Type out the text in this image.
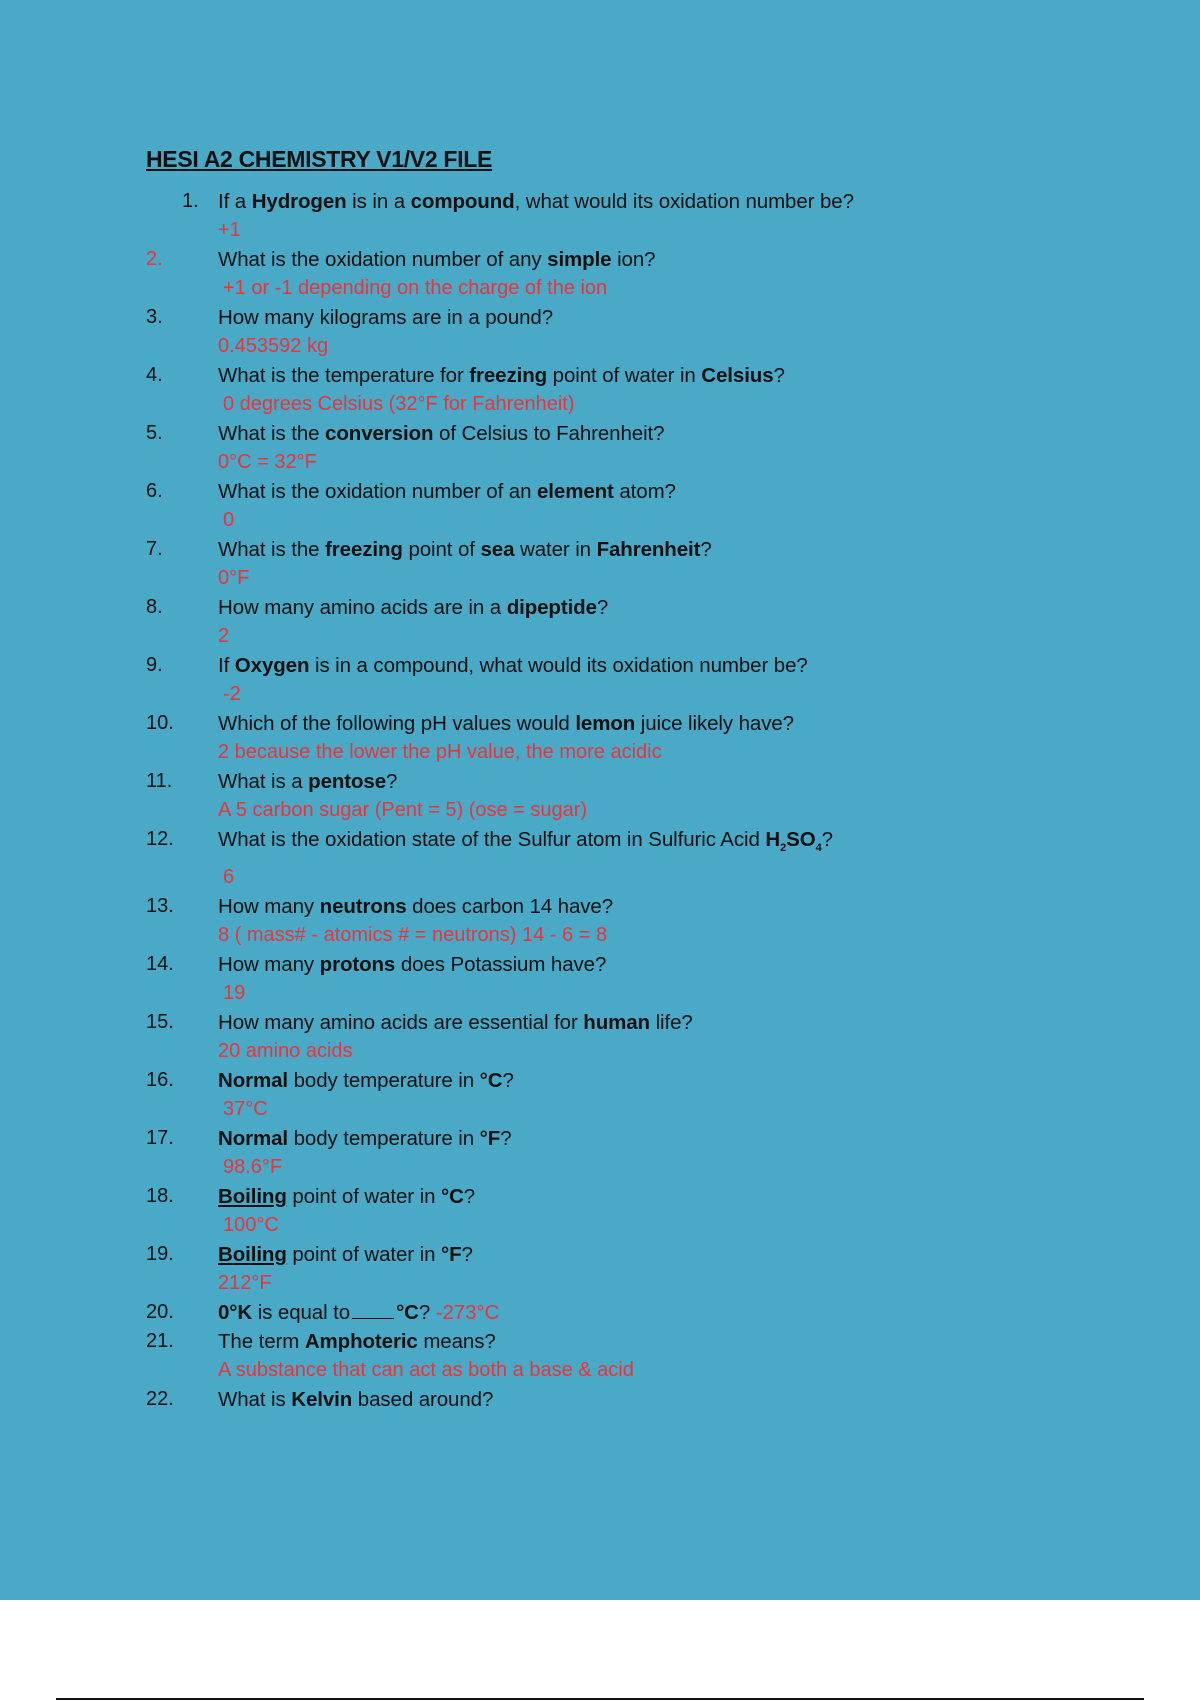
HESI A2 CHEMISTRY V1/V2 FILE
1. If a Hydrogen is in a compound, what would its oxidation number be?
+1
2.	What is the oxidation number of any simple ion?
+1 or -1 depending on the charge of the ion
3.	How many kilograms are in a pound?
0.453592 kg
4.	What is the temperature for freezing point of water in Celsius?
0 degrees Celsius (32°F for Fahrenheit)
5.	What is the conversion of Celsius to Fahrenheit?
0°C = 32°F
6.	What is the oxidation number of an element atom?
0
7.	What is the freezing point of sea water in Fahrenheit?
0°F
8.	How many amino acids are in a dipeptide?
2
9.	If Oxygen is in a compound, what would its oxidation number be?
-2
10.	Which of the following pH values would lemon juice likely have?
2 because the lower the pH value, the more acidic
11.	What is a pentose?
A 5 carbon sugar (Pent = 5) (ose = sugar)
12.	What is the oxidation state of the Sulfur atom in Sulfuric Acid $H_2SO_4$?
6
13.	How many neutrons does carbon 14 have?
8 ( mass# - atomics # = neutrons) 14 - 6 = 8
14.	How many protons does Potassium have?
19
15.	How many amino acids are essential for human life?
20 amino acids
16.	Normal body temperature in °C?
37°C
17.	Normal body temperature in °F?
98.6°F
18.	Boiling point of water in °C?
100°C
19.	Boiling point of water in °F?
212°F
20.	0°K is equal to °C? -273°C
21.	The term Amphoteric means?
A substance that can act as both a base & acid
22.	What is Kelvin based around?
